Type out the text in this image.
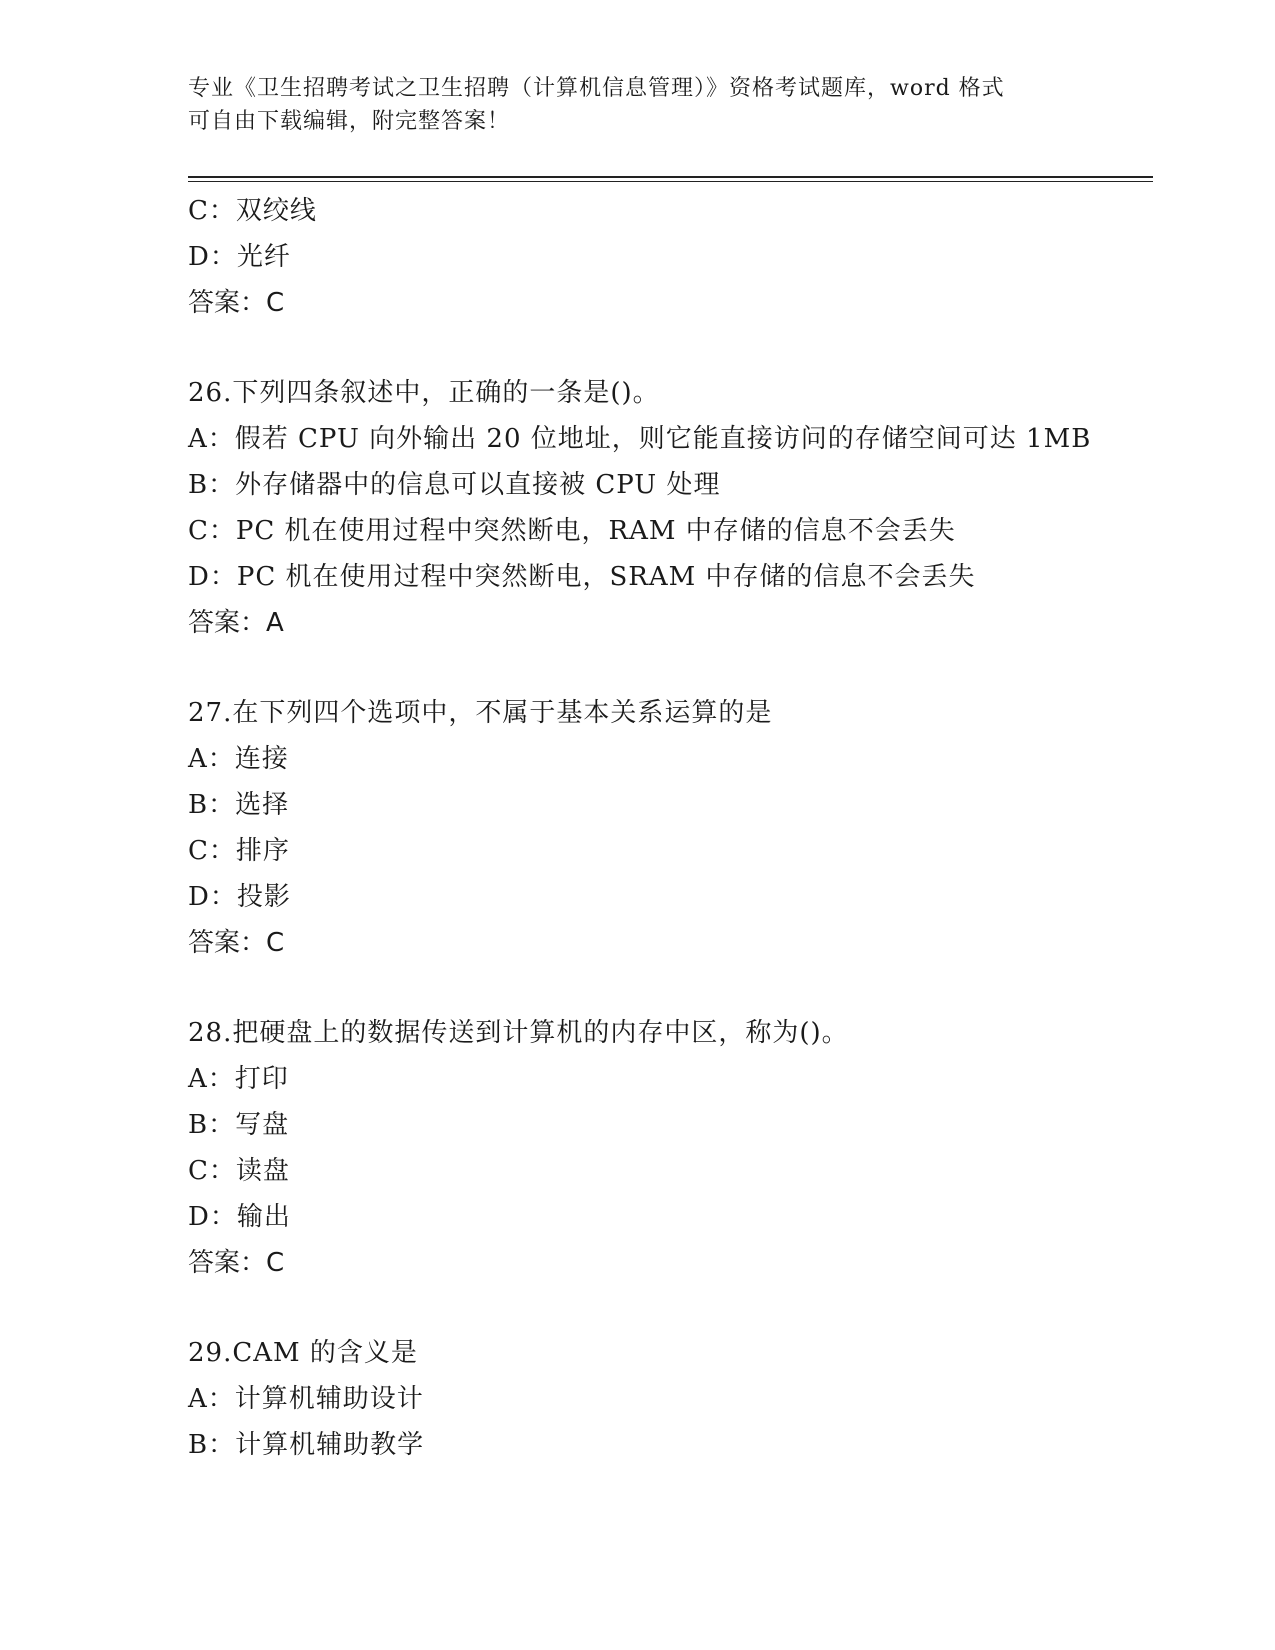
专业《卫生招聘考试之卫生招聘（计算机信息管理）》资格考试题库，word 格式
可自由下载编辑，附完整答案！
C：双绞线
D：光纤
答案：C
26.下列四条叙述中，正确的一条是()。
A：假若 CPU 向外输出 20 位地址，则它能直接访问的存储空间可达 1MB
B：外存储器中的信息可以直接被 CPU 处理
C：PC 机在使用过程中突然断电，RAM 中存储的信息不会丢失
D：PC 机在使用过程中突然断电，SRAM 中存储的信息不会丢失
答案：A
27.在下列四个选项中，不属于基本关系运算的是
A：连接
B：选择
C：排序
D：投影
答案：C
28.把硬盘上的数据传送到计算机的内存中区，称为()。
A：打印
B：写盘
C：读盘
D：输出
答案：C
29.CAM 的含义是
A：计算机辅助设计
B：计算机辅助教学
